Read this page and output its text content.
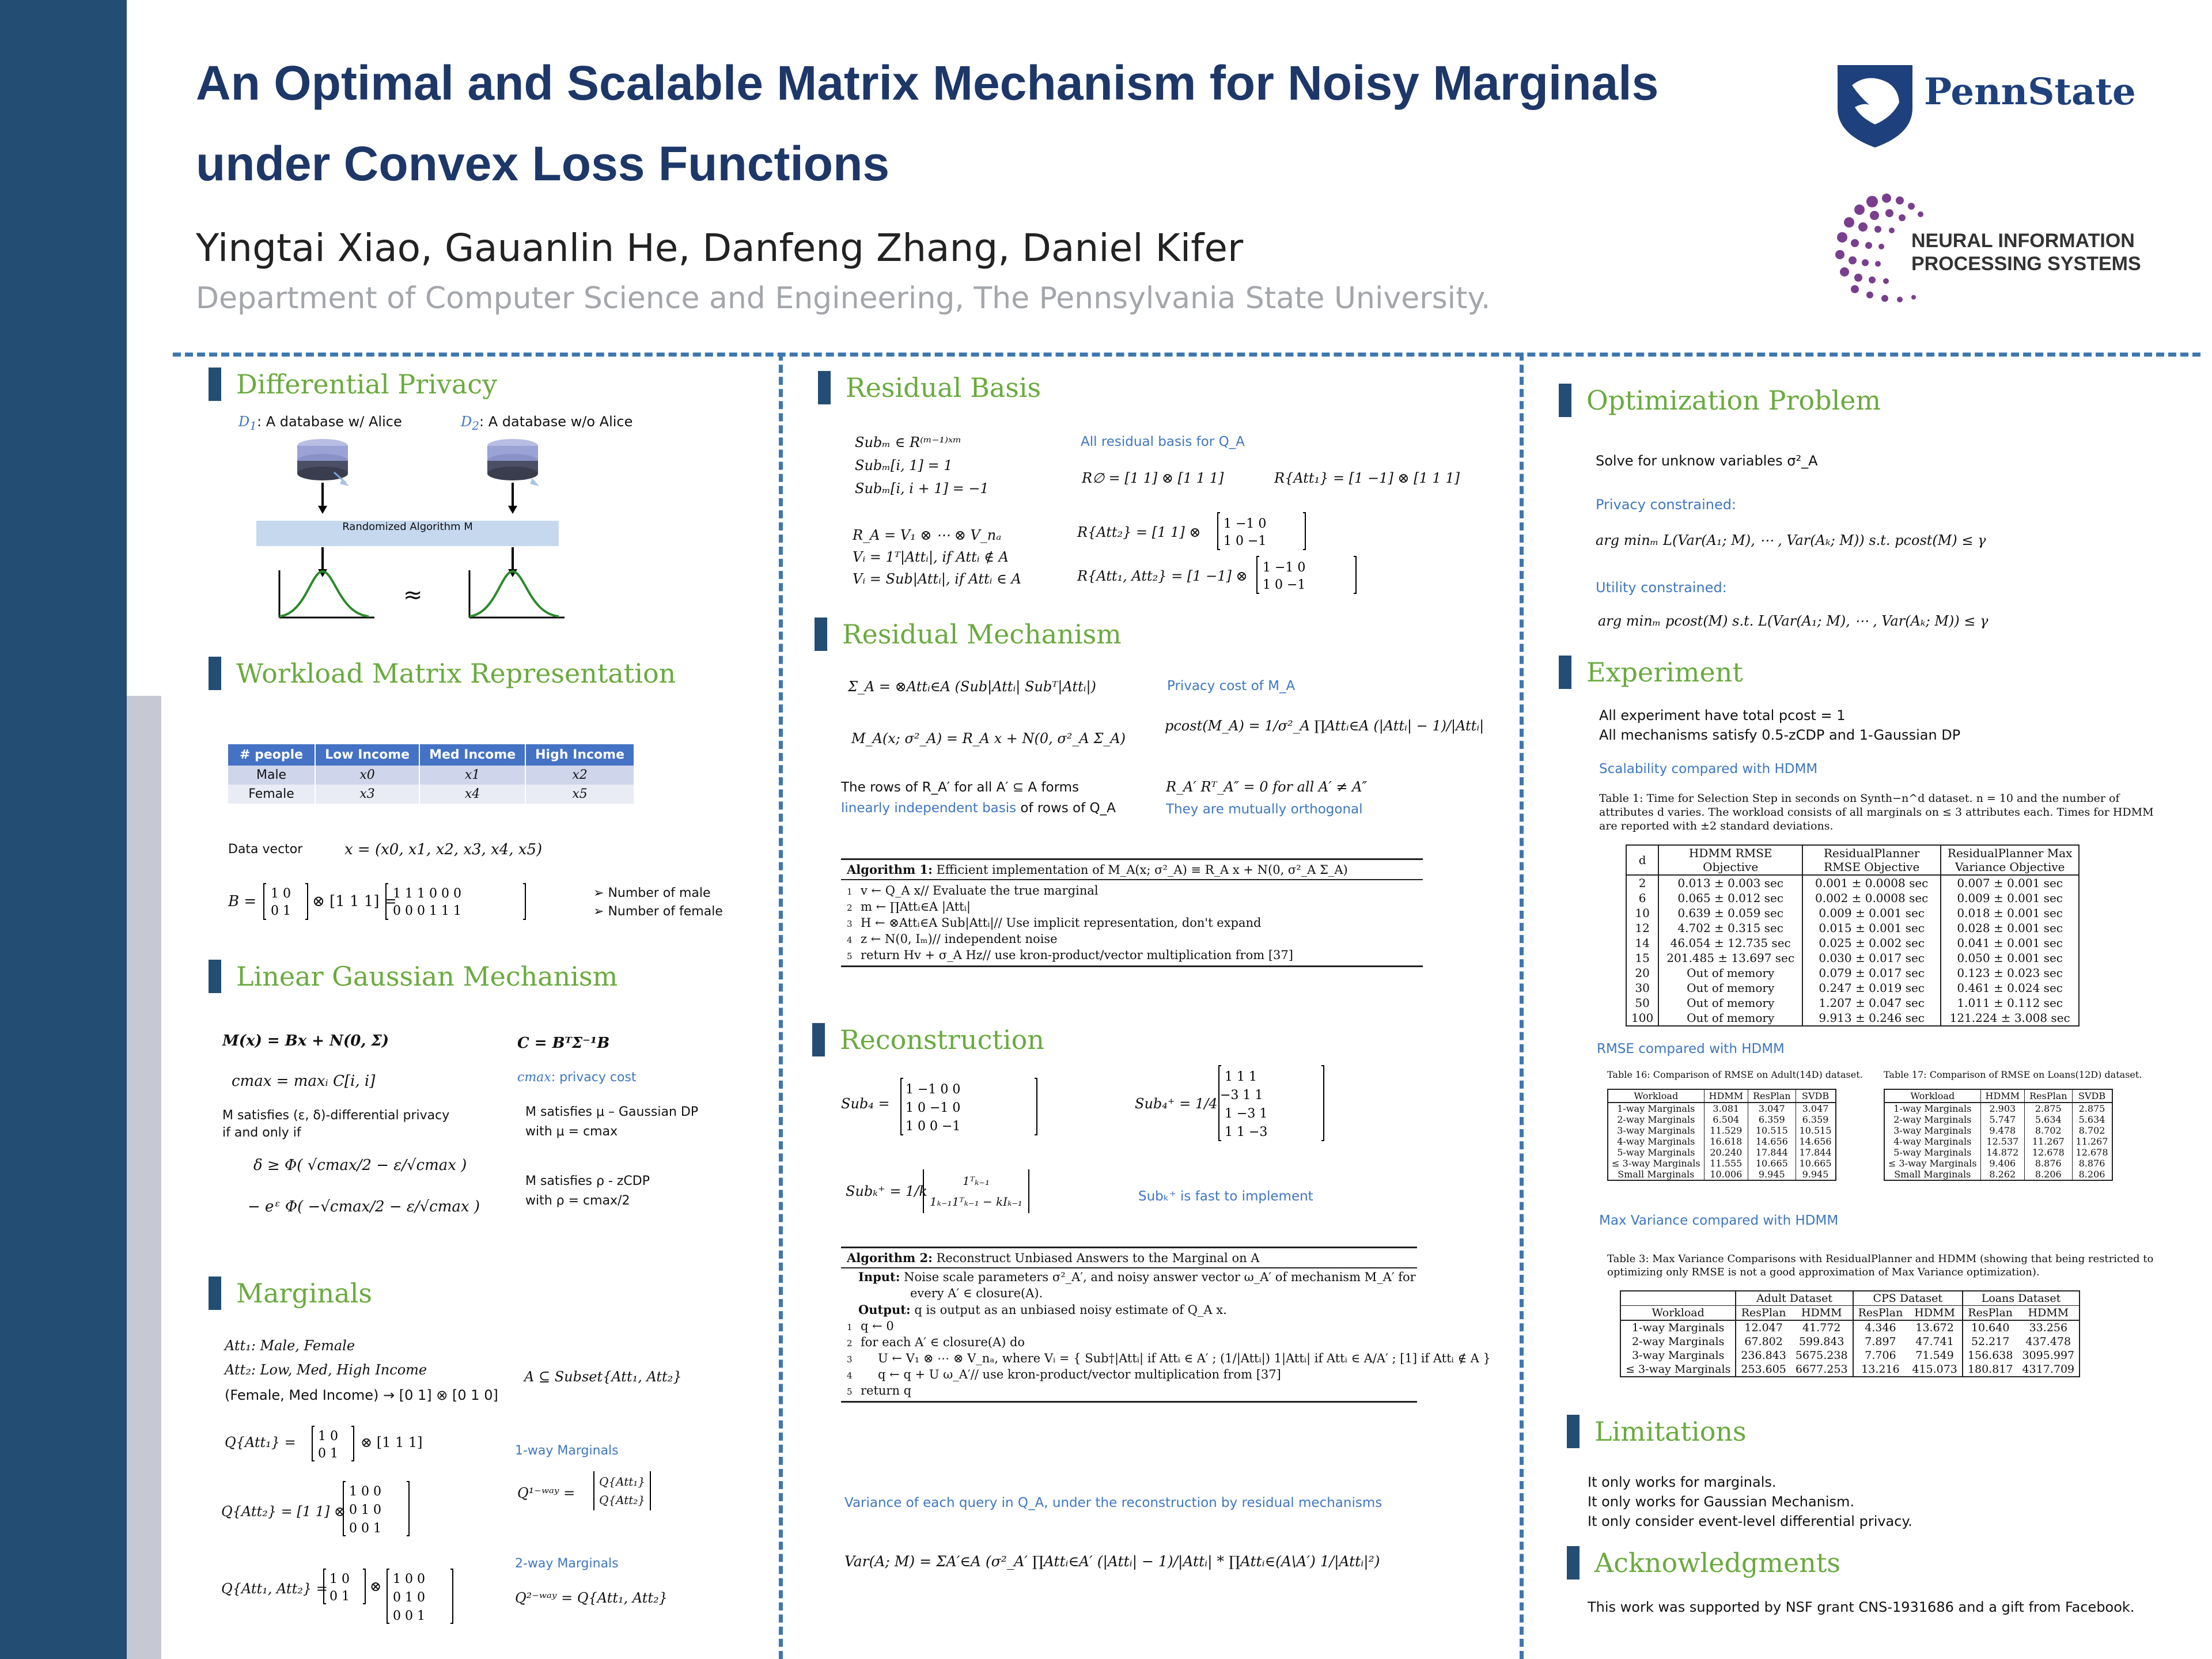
An Optimal and Scalable Matrix Mechanism for Noisy Marginals
under Convex Loss Functions
Yingtai Xiao, Gauanlin He, Danfeng Zhang, Daniel Kifer
Department of Computer Science and Engineering, The Pennsylvania State University.
PennState
NEURAL INFORMATION
PROCESSING SYSTEMS
Differential Privacy
$D_1$: A database w/ Alice	$D_2$: A database w/o Alice
Randomized Algorithm M
≈
Workload Matrix Representation
# people	Low Income	Med Income	High Income
Male	x0	x1	x2
Female	x3	x4	x5
Data vector	x = (x0, x1, x2, x3, x4, x5)
B = 1 0
0 1
1 1 1 0 0 0
0 0 0 1 1 1
⊗ [1 1 1] =	➢ Number of male
➢ Number of female
Linear Gaussian Mechanism
M(x) = Bx + N(0, Σ)	C = BᵀΣ⁻¹B
cmax = maxᵢ C[i, i]	cmax: privacy cost
M satisfies (ε, δ)-differential privacy
if and only if
M satisfies μ – Gaussian DP
with μ = cmax
δ ≥ Φ( √cmax/2 − ε/√cmax )
− eᵋ Φ( −√cmax/2 − ε/√cmax )
M satisfies ρ - zCDP
with ρ = cmax/2
Marginals
Att₁: Male, Female
Att₂: Low, Med, High Income
(Female, Med Income) → [0 1] ⊗ [0 1 0]
A ⊆ Subset{Att₁, Att₂}
Q{Att₁} = 1 0
0 1
⊗ [1 1 1]
1-way Marginals
Q¹⁻ʷᵃʸ =
Q{Att₁}
Q{Att₂}
Q{Att₂} = [1 1] ⊗
1 0 0
0 1 0
0 0 1
2-way Marginals
Q{Att₁, Att₂} =
1 0
0 1
⊗ 1 0 0
0 1 0
0 0 1
Q²⁻ʷᵃʸ = Q{Att₁, Att₂}
Residual Basis
Subₘ ∈ R⁽ᵐ⁻¹⁾ˣᵐ
Subₘ[i, 1] = 1
Subₘ[i, i + 1] = −1
R_A = V₁ ⊗ ⋯ ⊗ V_nₐ
Vᵢ = 1ᵀ|Attᵢ|, if Attᵢ ∉ A
Vᵢ = Sub|Attᵢ|, if Attᵢ ∈ A
All residual basis for Q_A
R∅ = [1 1] ⊗ [1 1 1]	R{Att₁} = [1 −1] ⊗ [1 1 1]
R{Att₂} = [1 1] ⊗
1 −1 0
1 0 −1
R{Att₁, Att₂} = [1 −1] ⊗
1 −1 0
1 0 −1
Residual Mechanism
Σ_A = ⊗Attᵢ∈A (Sub|Attᵢ| Subᵀ|Attᵢ|)
M_A(x; σ²_A) = R_A x + N(0, σ²_A Σ_A)
Privacy cost of M_A
pcost(M_A) = 1/σ²_A ∏Attᵢ∈A (|Attᵢ| − 1)/|Attᵢ|
The rows of R_A′ for all A′ ⊆ A forms
linearly independent basis of rows of Q_A
R_A′ Rᵀ_A″ = 0 for all A′ ≠ A″
They are mutually orthogonal
Algorithm 1: Efficient implementation of M_A(x; σ²_A) ≡ R_A x + N(0, σ²_A Σ_A)
1 v ← Q_A x// Evaluate the true marginal
2 m ← ∏Attᵢ∈A |Attᵢ|
3 H ← ⊗Attᵢ∈A Sub|Attᵢ|// Use implicit representation, don't expand
4 z ← N(0, Iₘ)// independent noise
5 return Hv + σ_A Hz// use kron-product/vector multiplication from [37]
Reconstruction
Sub₄ =
1 −1 0 0
1 0 −1 0
1 0 0 −1
Sub₄⁺ = 1/4
1 1 1
−3 1 1
1 −3 1
1 1 −3
Subₖ⁺ = 1/k
1ᵀₖ₋₁
1ₖ₋₁1ᵀₖ₋₁ − kIₖ₋₁	Subₖ⁺ is fast to implement
Algorithm 2: Reconstruct Unbiased Answers to the Marginal on A
Input: Noise scale parameters σ²_A′, and noisy answer vector ω_A′ of mechanism M_A′ for
every A′ ∈ closure(A).
Output: q is output as an unbiased noisy estimate of Q_A x.
1 q ← 0
2 for each A′ ∈ closure(A) do
3 U ← V₁ ⊗ ⋯ ⊗ V_nₐ, where Vᵢ = { Sub†|Attᵢ| if Attᵢ ∈ A′ ; (1/|Attᵢ|) 1|Attᵢ| if Attᵢ ∈ A/A′ ; [1] if Attᵢ ∉ A }
4 q ← q + U ω_A′// use kron-product/vector multiplication from [37]
5 return q
Variance of each query in Q_A, under the reconstruction by residual mechanisms
Var(A; M) = ΣA′∈A (σ²_A′ ∏Attᵢ∈A′ (|Attᵢ| − 1)/|Attᵢ| * ∏Attᵢ∈(A\A′) 1/|Attᵢ|²)
Optimization Problem
Solve for unknow variables σ²_A
Privacy constrained:
arg minₘ L(Var(A₁; M), ⋯ , Var(Aₖ; M)) s.t. pcost(M) ≤ γ
Utility constrained:
arg minₘ pcost(M) s.t. L(Var(A₁; M), ⋯ , Var(Aₖ; M)) ≤ γ
Experiment
All experiment have total pcost = 1
All mechanisms satisfy 0.5-zCDP and 1-Gaussian DP
Scalability compared with HDMM
Table 1: Time for Selection Step in seconds on Synth−n^d dataset. n = 10 and the number of attributes d varies. The workload consists of all marginals on ≤ 3 attributes each. Times for HDMM are reported with ±2 standard deviations.
d	HDMM RMSE Objective	ResidualPlanner RMSE Objective	ResidualPlanner Max Variance Objective
2	0.013 ± 0.003 sec	0.001 ± 0.0008 sec	0.007 ± 0.001 sec
6	0.065 ± 0.012 sec	0.002 ± 0.0008 sec	0.009 ± 0.001 sec
10	0.639 ± 0.059 sec	0.009 ± 0.001 sec	0.018 ± 0.001 sec
12	4.702 ± 0.315 sec	0.015 ± 0.001 sec	0.028 ± 0.001 sec
14	46.054 ± 12.735 sec	0.025 ± 0.002 sec	0.041 ± 0.001 sec
15	201.485 ± 13.697 sec	0.030 ± 0.017 sec	0.050 ± 0.001 sec
20	Out of memory	0.079 ± 0.017 sec	0.123 ± 0.023 sec
30	Out of memory	0.247 ± 0.019 sec	0.461 ± 0.024 sec
50	Out of memory	1.207 ± 0.047 sec	1.011 ± 0.112 sec
100	Out of memory	9.913 ± 0.246 sec	121.224 ± 3.008 sec
RMSE compared with HDMM
Table 16: Comparison of RMSE on Adult(14D) dataset. Table 17: Comparison of RMSE on Loans(12D) dataset.
Workload	HDMM	ResPlan	SVDB
1-way Marginals	3.081	3.047	3.047
2-way Marginals	6.504	6.359	6.359
3-way Marginals	11.529	10.515	10.515
4-way Marginals	16.618	14.656	14.656
5-way Marginals	20.240	17.844	17.844
≤ 3-way Marginals	11.555	10.665	10.665
Small Marginals	10.006	9.945	9.945
Workload	HDMM	ResPlan	SVDB
1-way Marginals	2.903	2.875	2.875
2-way Marginals	5.747	5.634	5.634
3-way Marginals	9.478	8.702	8.702
4-way Marginals	12.537	11.267	11.267
5-way Marginals	14.872	12.678	12.678
≤ 3-way Marginals	9.406	8.876	8.876
Small Marginals	8.262	8.206	8.206
Max Variance compared with HDMM
Table 3: Max Variance Comparisons with ResidualPlanner and HDMM (showing that being restricted to optimizing only RMSE is not a good approximation of Max Variance optimization).
	Adult Dataset		CPS Dataset		Loans Dataset	
Workload	ResPlan	HDMM	ResPlan	HDMM	ResPlan	HDMM
1-way Marginals	12.047	41.772	4.346	13.672	10.640	33.256
2-way Marginals	67.802	599.843	7.897	47.741	52.217	437.478
3-way Marginals	236.843	5675.238	7.706	71.549	156.638	3095.997
≤ 3-way Marginals	253.605	6677.253	13.216	415.073	180.817	4317.709
Limitations
It only works for marginals.
It only works for Gaussian Mechanism.
It only consider event-level differential privacy.
Acknowledgments
This work was supported by NSF grant CNS-1931686 and a gift from Facebook.
